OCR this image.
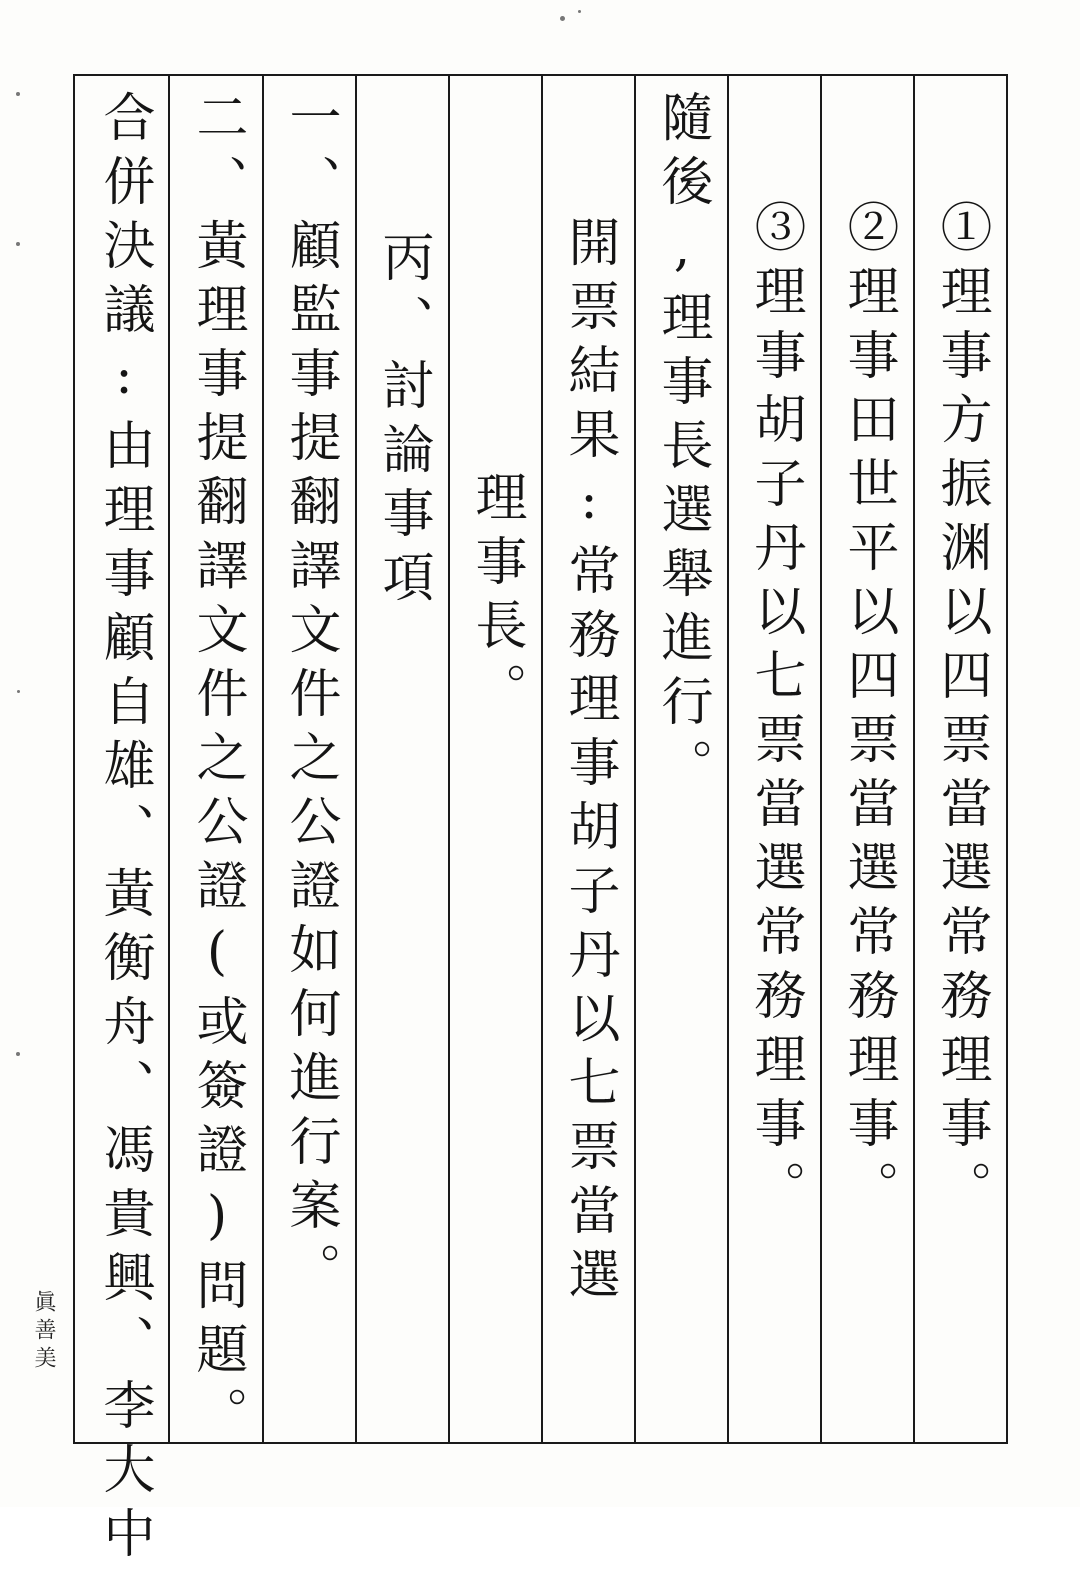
①理事方振渊以四票當選常務理事。
②理事田世平以四票當選常務理事。
③理事胡子丹以七票當選常務理事。
隨後,理事長選舉進行。
開票結果:常務理事胡子丹以七票當選
理事長。
丙、討論事項
一、顧監事提翻譯文件之公證如何進行案。
二、黃理事提翻譯文件之公證(或簽證)問題。
合併決議:由理事顧自雄、黃衡舟、馮貴興、李大中
眞善美
